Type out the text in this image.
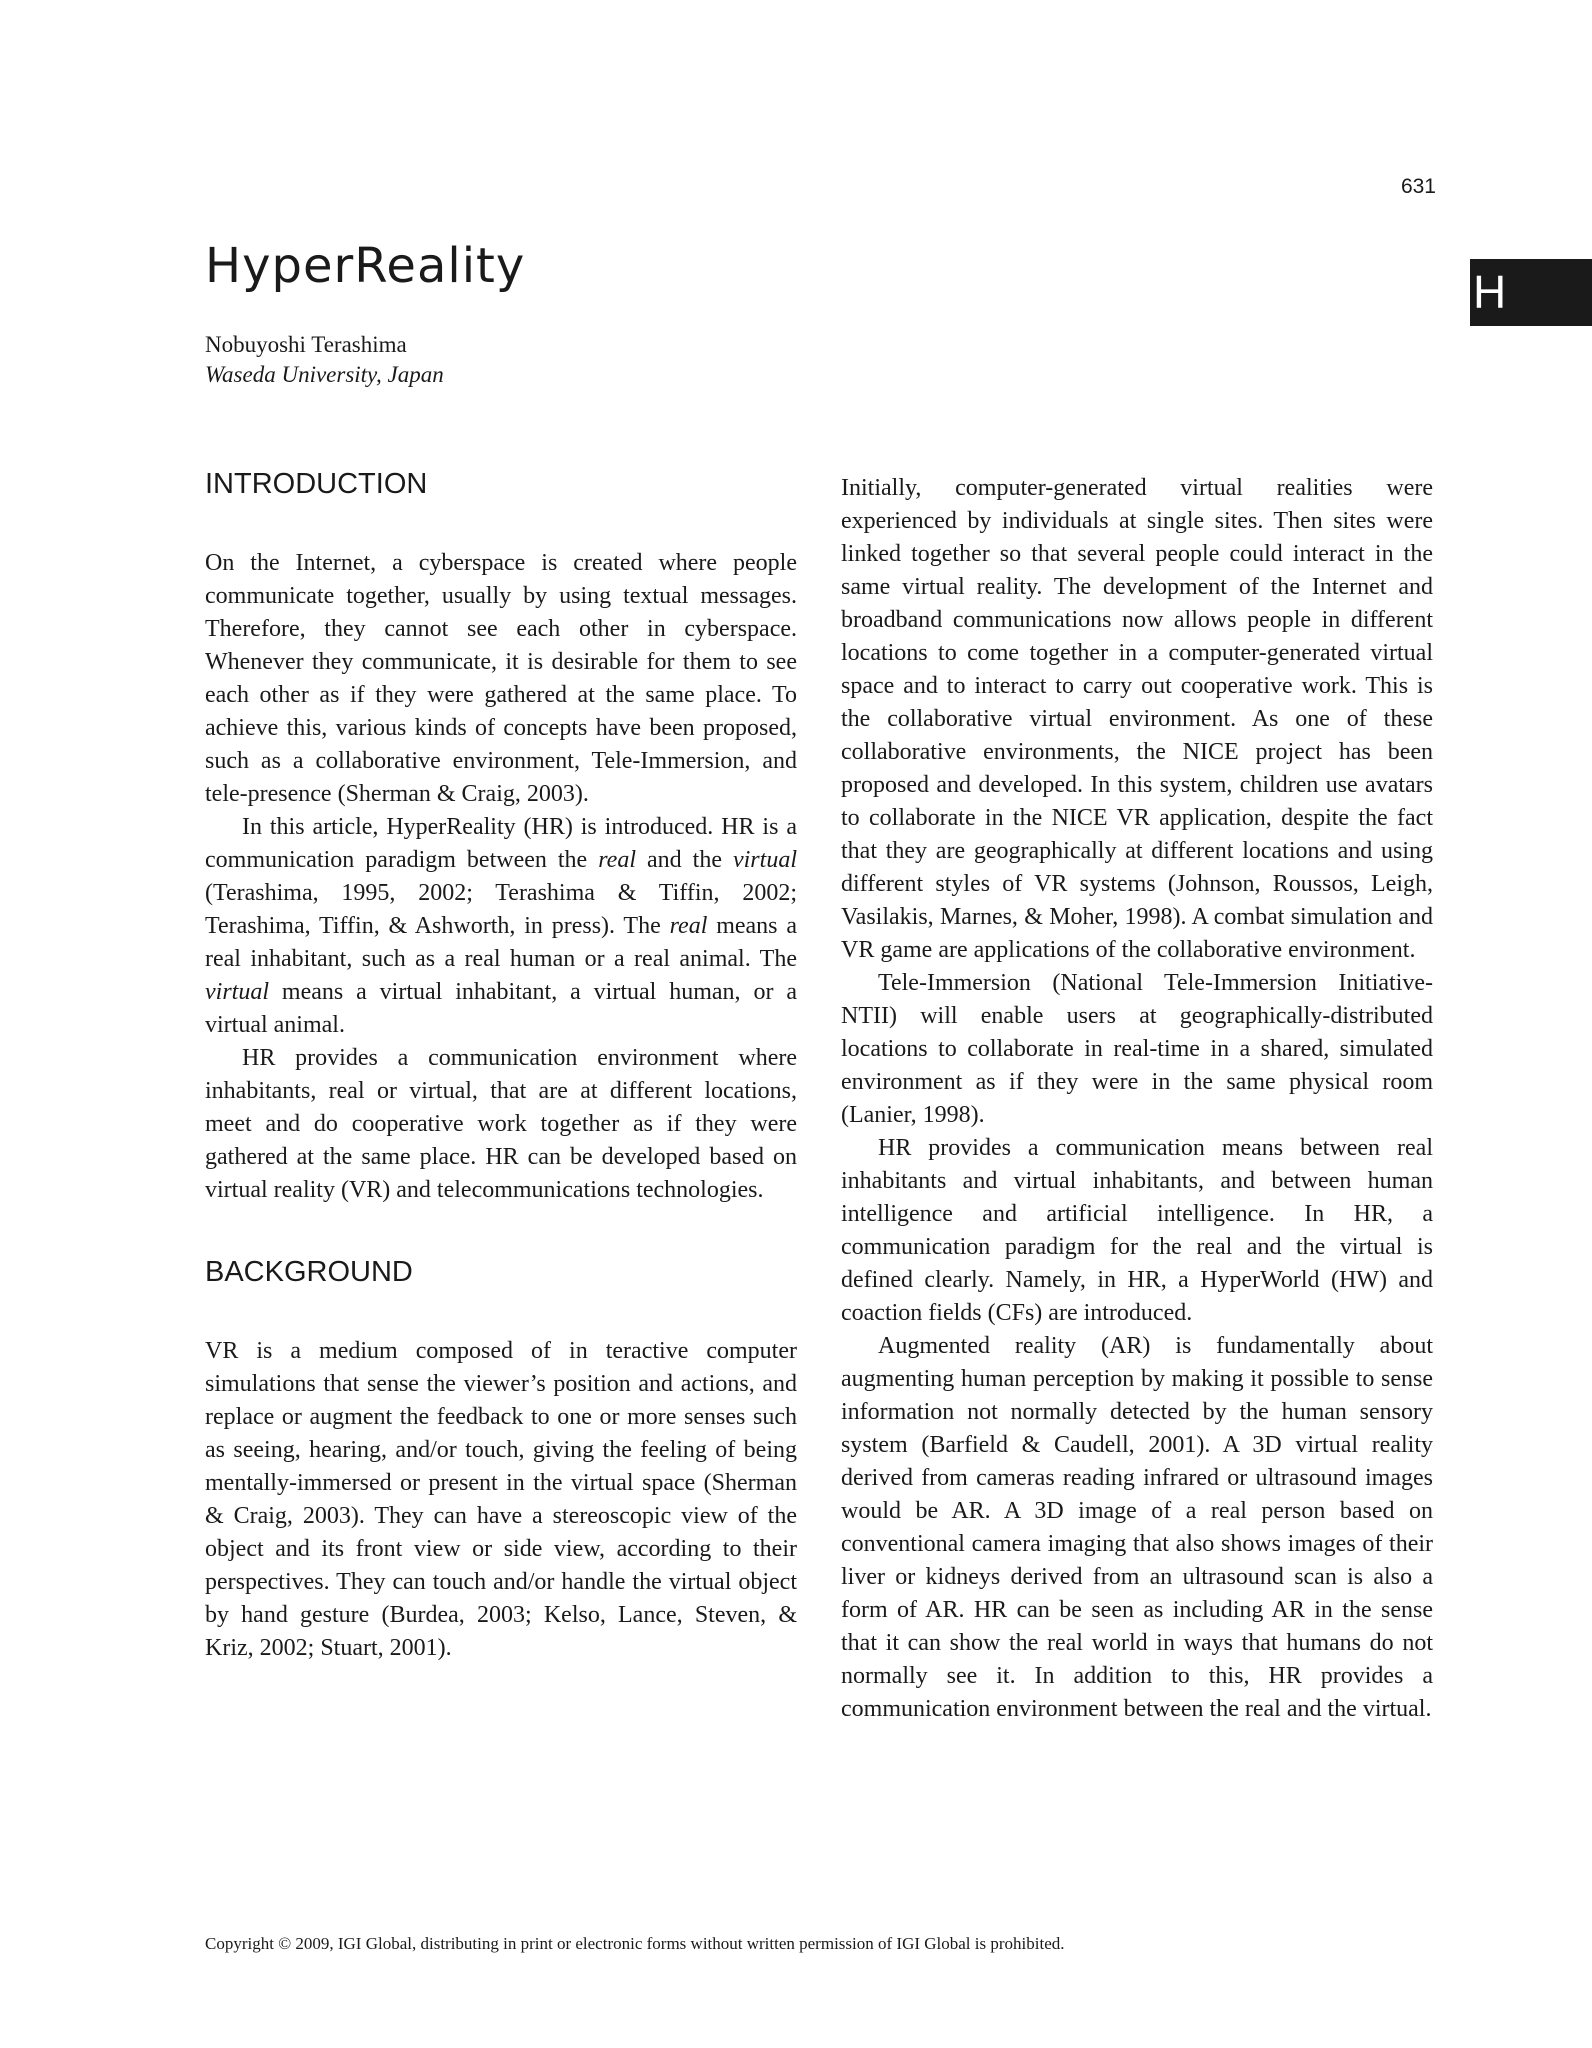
631
H
HyperReality
Nobuyoshi Terashima
Waseda University, Japan
INTRODUCTION

On the Internet, a cyberspace is created where people communicate together, usually by using textual messages. Therefore, they cannot see each other in cyberspace. Whenever they communicate, it is desirable for them to see each other as if they were gathered at the same place. To achieve this, various kinds of concepts have been proposed, such as a collaborative environment, Tele-Immersion, and tele-presence (Sherman & Craig, 2003).

In this article, HyperReality (HR) is introduced. HR is a communication paradigm between the real and the virtual (Terashima, 1995, 2002; Terashima & Tiffin, 2002; Terashima, Tiffin, & Ashworth, in press). The real means a real inhabitant, such as a real human or a real animal. The virtual means a virtual inhabitant, a virtual human, or a virtual animal.

HR provides a communication environment where inhabitants, real or virtual, that are at different locations, meet and do cooperative work together as if they were gathered at the same place. HR can be developed based on virtual reality (VR) and telecommunications technologies.

BACKGROUND

VR is a medium composed of in teractive computer simulations that sense the viewer’s position and actions, and replace or augment the feedback to one or more senses such as seeing, hearing, and/or touch, giving the feeling of being mentally-immersed or present in the virtual space (Sherman & Craig, 2003). They can have a stereoscopic view of the object and its front view or side view, according to their perspectives. They can touch and/or handle the virtual object by hand gesture (Burdea, 2003; Kelso, Lance, Steven, & Kriz, 2002; Stuart, 2001).

Initially, computer-generated virtual realities were experienced by individuals at single sites. Then sites were linked together so that several people could interact in the same virtual reality. The development of the Internet and broadband communications now allows people in different locations to come together in a computer-generated virtual space and to interact to carry out cooperative work. This is the collaborative virtual environment. As one of these collaborative environments, the NICE project has been proposed and developed. In this system, children use avatars to collaborate in the NICE VR application, despite the fact that they are geographically at different locations and using different styles of VR systems (Johnson, Roussos, Leigh, Vasilakis, Marnes, & Moher, 1998). A combat simulation and VR game are applications of the collaborative environment.

Tele-Immersion (National Tele-Immersion Initiative-NTII) will enable users at geographically-distributed locations to collaborate in real-time in a shared, simulated environment as if they were in the same physical room (Lanier, 1998).

HR provides a communication means between real inhabitants and virtual inhabitants, and between human intelligence and artificial intelligence. In HR, a communication paradigm for the real and the virtual is defined clearly. Namely, in HR, a HyperWorld (HW) and coaction fields (CFs) are introduced.

Augmented reality (AR) is fundamentally about augmenting human perception by making it possible to sense information not normally detected by the human sensory system (Barfield & Caudell, 2001). A 3D virtual reality derived from cameras reading infrared or ultrasound images would be AR. A 3D image of a real person based on conventional camera imaging that also shows images of their liver or kidneys derived from an ultrasound scan is also a form of AR. HR can be seen as including AR in the sense that it can show the real world in ways that humans do not normally see it. In addition to this, HR provides a communication environment between the real and the virtual.

Copyright © 2009, IGI Global, distributing in print or electronic forms without written permission of IGI Global is prohibited.
